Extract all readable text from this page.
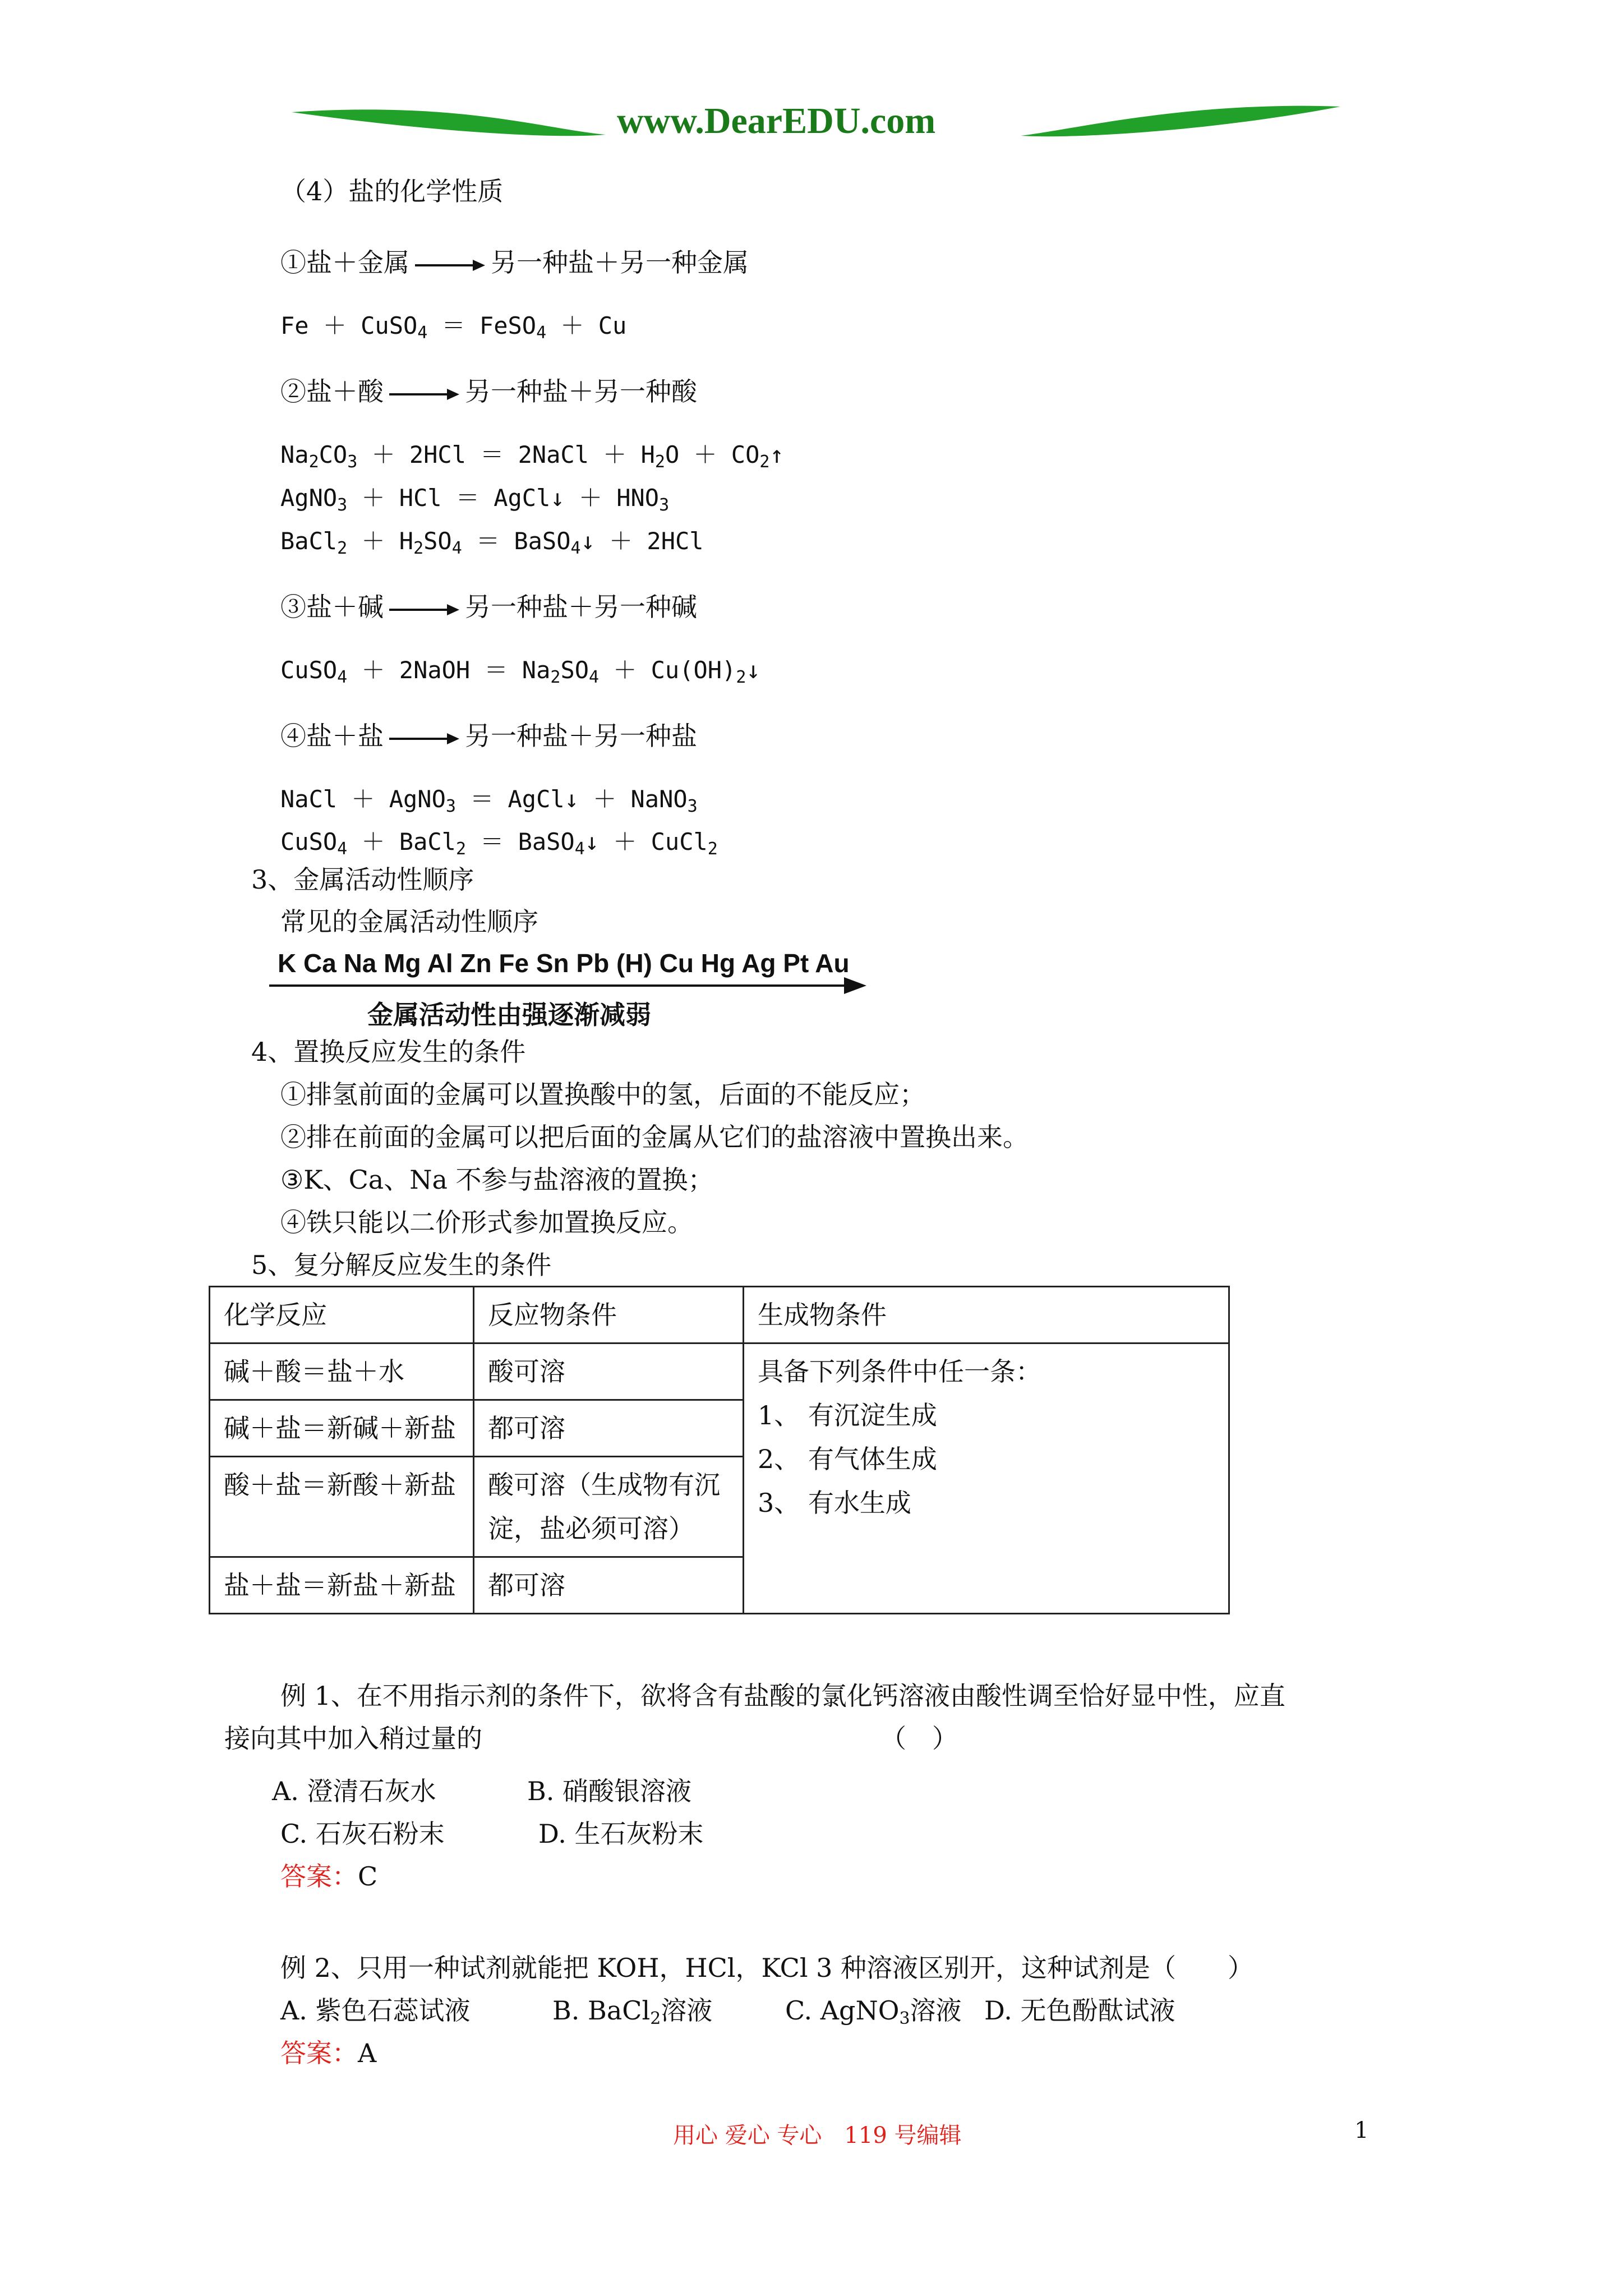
www.DearEDU.com
（4）盐的化学性质
①盐＋金属	另一种盐＋另一种金属
Fe ＋ CuSO$_4$ ＝ FeSO$_4$ ＋ Cu
②盐＋酸	另一种盐＋另一种酸
$Na_2CO_3 + 2HCl$ ＝ 2NaCl ＋ $H_2O$ ＋ $CO_2↑$
AgNO$_3$ ＋ HCl ＝ AgCl↓ ＋ $HNO_3$
BaCl$_2$ ＋ $H_2SO_4$ ＝ BaSO$_4$↓ ＋ 2HCl
③盐＋碱	另一种盐＋另一种碱
CuSO$_4$ ＋ 2NaOH ＝ $Na_2SO_4$ ＋ $Cu(OH)_2↓$
④盐＋盐	另一种盐＋另一种盐
NaCl ＋ AgNO$_3$ ＝ AgCl↓ ＋ NaNO$_3$
CuSO$_4$ ＋ BaCl$_2$ ＝ BaSO$_4$↓ ＋ CuCl$_2$
3、金属活动性顺序
常见的金属活动性顺序
K Ca Na Mg Al Zn Fe Sn Pb (H) Cu Hg Ag Pt Au
金属活动性由强逐渐减弱
4、置换反应发生的条件
①排氢前面的金属可以置换酸中的氢，后面的不能反应；
②排在前面的金属可以把后面的金属从它们的盐溶液中置换出来。
③K、Ca、Na 不参与盐溶液的置换；
④铁只能以二价形式参加置换反应。
5、复分解反应发生的条件
化学反应	反应物条件	生成物条件
碱＋酸＝盐＋水	酸可溶	具备下列条件中任一条：
1、 有沉淀生成
2、 有气体生成
3、 有水生成

碱＋盐＝新碱＋新盐	都可溶	
酸＋盐＝新酸＋新盐	酸可溶（生成物有沉淀，盐必须可溶）	
盐＋盐＝新盐＋新盐	都可溶	
例 1、在不用指示剂的条件下，欲将含有盐酸的氯化钙溶液由酸性调至恰好显中性，应直
接向其中加入稍过量的	（　）
A. 澄清石灰水	B. 硝酸银溶液
C. 石灰石粉末	D. 生石灰粉末
答案：C
例 2、只用一种试剂就能把 KOH，HCl，KCl 3 种溶液区别开，这种试剂是（　　）
A. 紫色石蕊试液	B. BaCl$_2$溶液	C. AgNO$_3$溶液 D. 无色酚酞试液
答案：A
用心 爱心 专心　119 号编辑	1
